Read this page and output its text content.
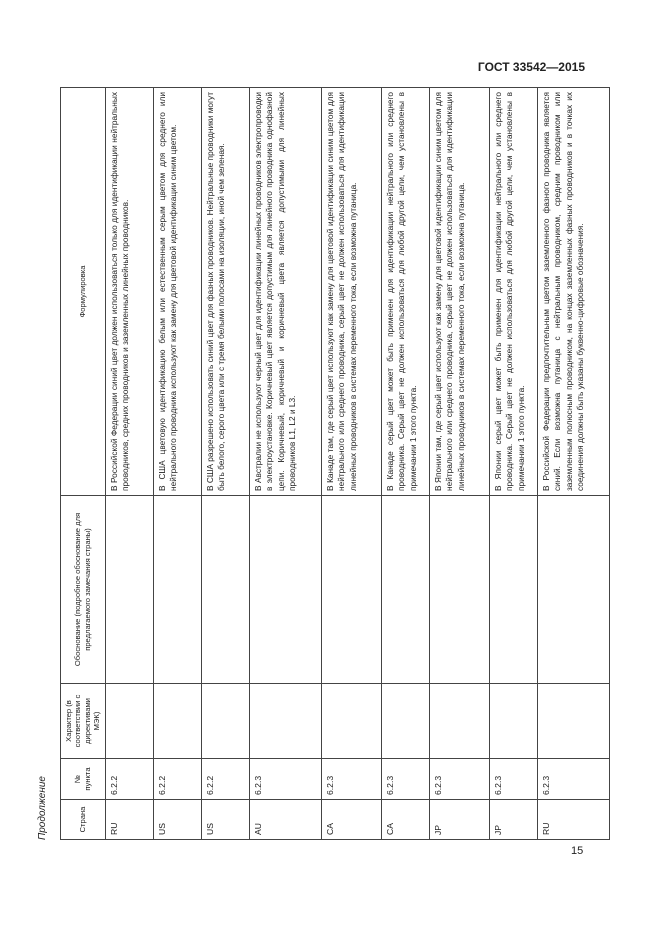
ГОСТ 33542—2015
Продолжение	Страна	№ пункта	Характер (в соответствии с директивами МЭК)	Обоснование (подробное обоснование для предлагаемого замечания страны)	Формулировка
RU	6.2.2			В Российской Федерации синий цвет должен использоваться только для идентификации нейтральных проводников, средних проводников и заземленных линейных проводников.
US	6.2.2			В США цветовую идентификацию белым или естественным серым цветом для среднего или нейтрального проводника используют как замену для цветовой идентификации синим цветом.
US	6.2.2			В США разрешено использовать синий цвет для фазных проводников. Нейтральные проводники могут быть белого, серого цвета или с тремя белыми полосами на изоляции, иной чем зеленая.
AU	6.2.3			В Австралии не используют черный цвет для идентификации линейных проводников электропроводки в электроустановке. Коричневый цвет является допустимым для линейного проводника однофазной цепи. Коричневый, коричневый и коричневый цвета является допустимыми для линейных проводников L1, L2 и L3.
CA	6.2.3			В Канаде там, где серый цвет используют как замену для цветовой идентификации синим цветом для нейтрального или среднего проводника, серый цвет не должен использоваться для идентификации линейных проводников в системах переменного тока, если возможна путаница.
CA	6.2.3			В Канаде серый цвет может быть применен для идентификации нейтрального или среднего проводника. Серый цвет не должен использоваться для любой другой цели, чем установлены в примечании 1 этого пункта.
JP	6.2.3			В Японии там, где серый цвет используют как замену для цветовой идентификации синим цветом для нейтрального или среднего проводника, серый цвет не должен использоваться для идентификации линейных проводников в системах переменного тока, если возможна путаница.
JP	6.2.3			В Японии серый цвет может быть применен для идентификации нейтрального или среднего проводника. Серый цвет не должен использоваться для любой другой цели, чем установлены в примечании 1 этого пункта.
RU	6.2.3			В Российской Федерации предпочтительным цветом заземленного фазного проводника является синий. Если возможна путаница с нейтральным проводником, средним проводником или заземленным полюсным проводником, на концах заземленных фазных проводников и в точках их соединения должны быть указаны буквенно-цифровые обозначения.
15
